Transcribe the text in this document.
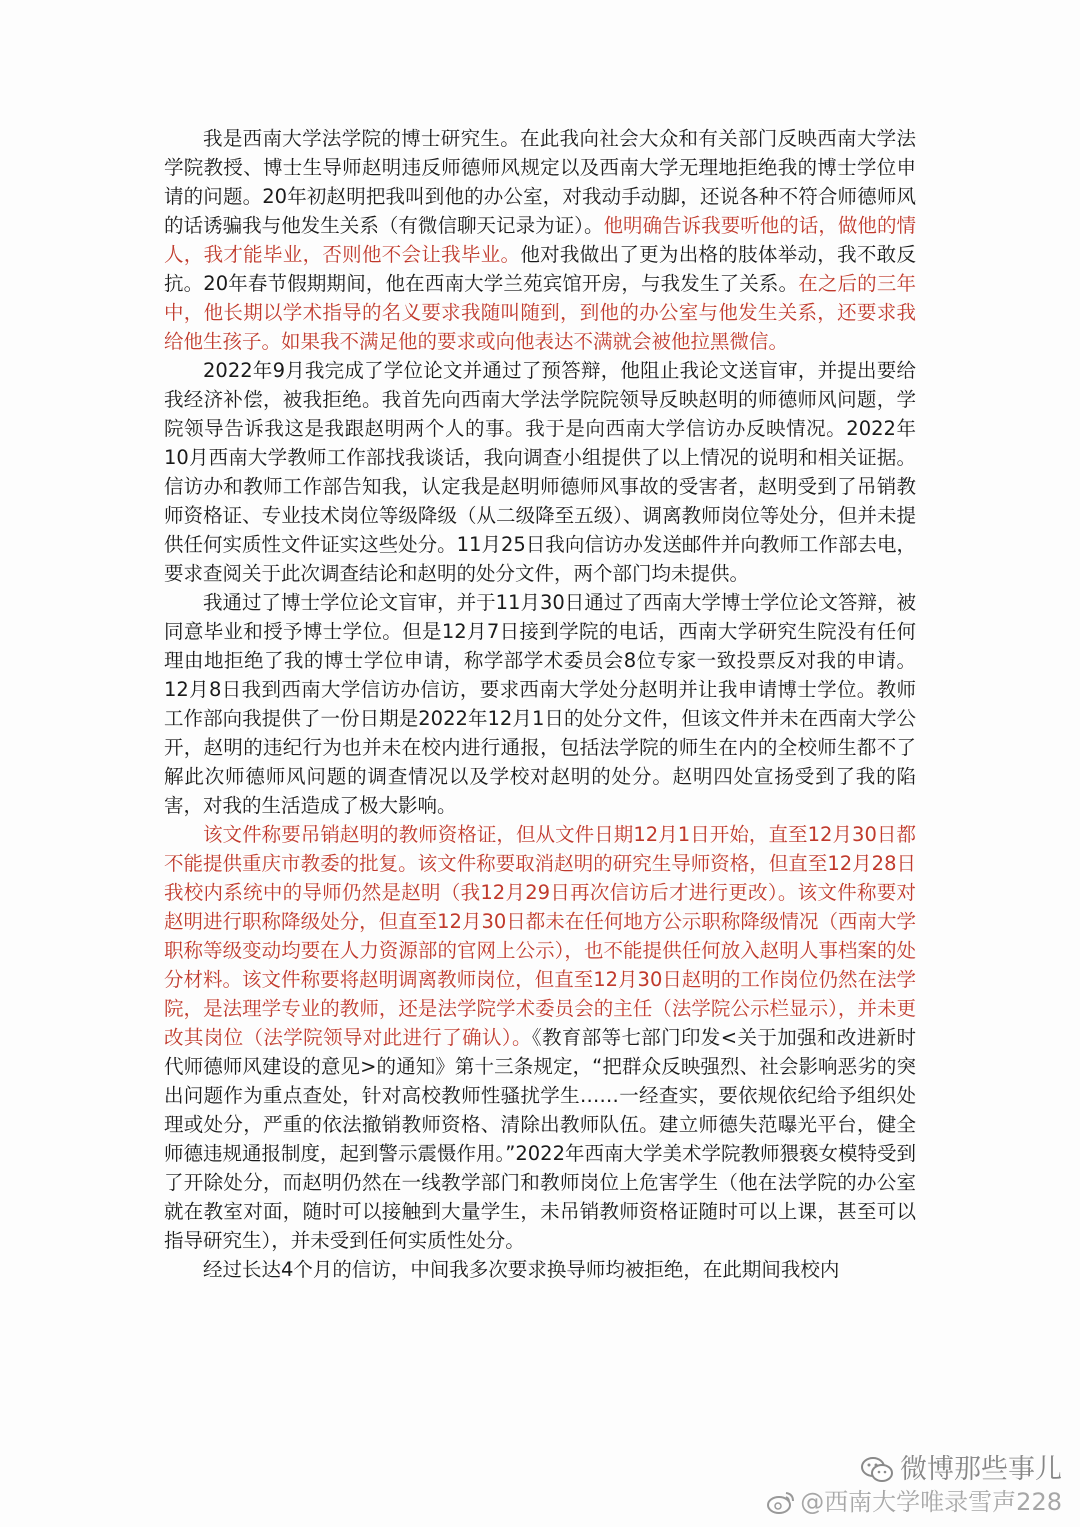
我是西南大学法学院的博士研究生。在此我向社会大众和有关部门反映西南大学法学院教授、博士生导师赵明违反师德师风规定以及西南大学无理地拒绝我的博士学位申请的问题。20年初赵明把我叫到他的办公室，对我动手动脚，还说各种不符合师德师风的话诱骗我与他发生关系（有微信聊天记录为证）。他明确告诉我要听他的话，做他的情人，我才能毕业，否则他不会让我毕业。他对我做出了更为出格的肢体举动，我不敢反抗。20年春节假期期间，他在西南大学兰苑宾馆开房，与我发生了关系。在之后的三年中，他长期以学术指导的名义要求我随叫随到，到他的办公室与他发生关系，还要求我给他生孩子。如果我不满足他的要求或向他表达不满就会被他拉黑微信。

2022年9月我完成了学位论文并通过了预答辩，他阻止我论文送盲审，并提出要给我经济补偿，被我拒绝。我首先向西南大学法学院院领导反映赵明的师德师风问题，学院领导告诉我这是我跟赵明两个人的事。我于是向西南大学信访办反映情况。2022年10月西南大学教师工作部找我谈话，我向调查小组提供了以上情况的说明和相关证据。信访办和教师工作部告知我，认定我是赵明师德师风事故的受害者，赵明受到了吊销教师资格证、专业技术岗位等级降级（从二级降至五级）、调离教师岗位等处分，但并未提供任何实质性文件证实这些处分。11月25日我向信访办发送邮件并向教师工作部去电，要求查阅关于此次调查结论和赵明的处分文件，两个部门均未提供。

我通过了博士学位论文盲审，并于11月30日通过了西南大学博士学位论文答辩，被同意毕业和授予博士学位。但是12月7日接到学院的电话，西南大学研究生院没有任何理由地拒绝了我的博士学位申请，称学部学术委员会8位专家一致投票反对我的申请。12月8日我到西南大学信访办信访，要求西南大学处分赵明并让我申请博士学位。教师工作部向我提供了一份日期是2022年12月1日的处分文件，但该文件并未在西南大学公开，赵明的违纪行为也并未在校内进行通报，包括法学院的师生在内的全校师生都不了解此次师德师风问题的调查情况以及学校对赵明的处分。赵明四处宣扬受到了我的陷害，对我的生活造成了极大影响。

该文件称要吊销赵明的教师资格证，但从文件日期12月1日开始，直至12月30日都不能提供重庆市教委的批复。该文件称要取消赵明的研究生导师资格，但直至12月28日我校内系统中的导师仍然是赵明（我12月29日再次信访后才进行更改）。该文件称要对赵明进行职称降级处分，但直至12月30日都未在任何地方公示职称降级情况（西南大学职称等级变动均要在人力资源部的官网上公示），也不能提供任何放入赵明人事档案的处分材料。该文件称要将赵明调离教师岗位，但直至12月30日赵明的工作岗位仍然在法学院，是法理学专业的教师，还是法学院学术委员会的主任（法学院公示栏显示），并未更改其岗位（法学院领导对此进行了确认）。《教育部等七部门印发<关于加强和改进新时代师德师风建设的意见>的通知》第十三条规定，“把群众反映强烈、社会影响恶劣的突出问题作为重点查处，针对高校教师性骚扰学生……一经查实，要依规依纪给予组织处理或处分，严重的依法撤销教师资格、清除出教师队伍。建立师德失范曝光平台，健全师德违规通报制度，起到警示震慑作用。”2022年西南大学美术学院教师猥亵女模特受到了开除处分，而赵明仍然在一线教学部门和教师岗位上危害学生（他在法学院的办公室就在教室对面，随时可以接触到大量学生，未吊销教师资格证随时可以上课，甚至可以指导研究生），并未受到任何实质性处分。

经过长达4个月的信访，中间我多次要求换导师均被拒绝，在此期间我校内

微博那些事儿
@西南大学唯录雪声228
